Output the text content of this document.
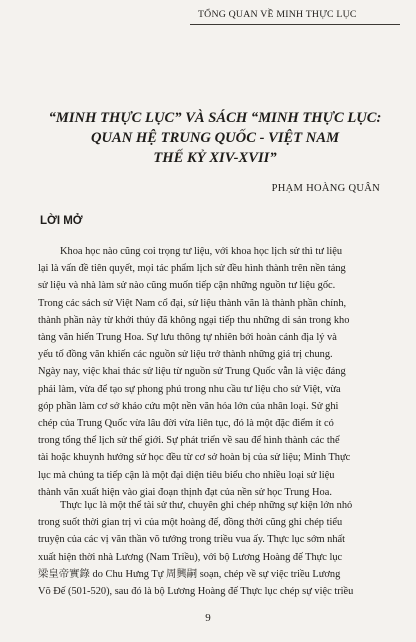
TỔNG QUAN VỀ MINH THỰC LỤC
“MINH THỰC LỤC” VÀ SÁCH “MINH THỰC LỤC:
QUAN HỆ TRUNG QUỐC - VIỆT NAM
THẾ KỶ XIV-XVII”
PHẠM HOÀNG QUÂN
LỜI MỞ
Khoa học nào cũng coi trọng tư liệu, với khoa học lịch sử thì tư liệu
lại là vấn đề tiên quyết, mọi tác phẩm lịch sử đều hình thành trên nền tảng
sử liệu và nhà làm sử nào cũng muốn tiếp cận những nguồn tư liệu gốc.
Trong các sách sử Việt Nam cổ đại, sử liệu thành văn là thành phần chính,
thành phần này từ khởi thủy đã không ngại tiếp thu những di sản trong kho
tàng văn hiến Trung Hoa. Sự lưu thông tự nhiên bởi hoàn cảnh địa lý và
yếu tố đồng văn khiến các nguồn sử liệu trở thành những giá trị chung.
Ngày nay, việc khai thác sử liệu từ nguồn sử Trung Quốc vẫn là việc đáng
phải làm, vừa để tạo sự phong phú trong nhu cầu tư liệu cho sử Việt, vừa
góp phần làm cơ sở khảo cứu một nền văn hóa lớn của nhân loại. Sử ghi
chép của Trung Quốc vừa lâu đời vừa liên tục, đó là một đặc điểm ít có
trong tổng thể lịch sử thế giới. Sự phát triển về sau để hình thành các thể
tài hoặc khuynh hướng sử học đều từ cơ sở hoàn bị của sử liệu; Minh Thực
lục mà chúng ta tiếp cận là một đại diện tiêu biểu cho nhiều loại sử liệu
thành văn xuất hiện vào giai đoạn thịnh đạt của nền sử học Trung Hoa.
Thực lục là một thể tài sử thư, chuyên ghi chép những sự kiện lớn nhỏ
trong suốt thời gian trị vì của một hoàng đế, đồng thời cũng ghi chép tiểu
truyện của các vị văn thần võ tướng trong triều vua ấy. Thực lục sớm nhất
xuất hiện thời nhà Lương (Nam Triều), với bộ Lương Hoàng đế Thực lục
梁皇帝實錄 do Chu Hưng Tự 周興嗣 soạn, chép về sự việc triều Lương
Võ Đế (501-520), sau đó là bộ Lương Hoàng đế Thực lục chép sự việc triều
9
